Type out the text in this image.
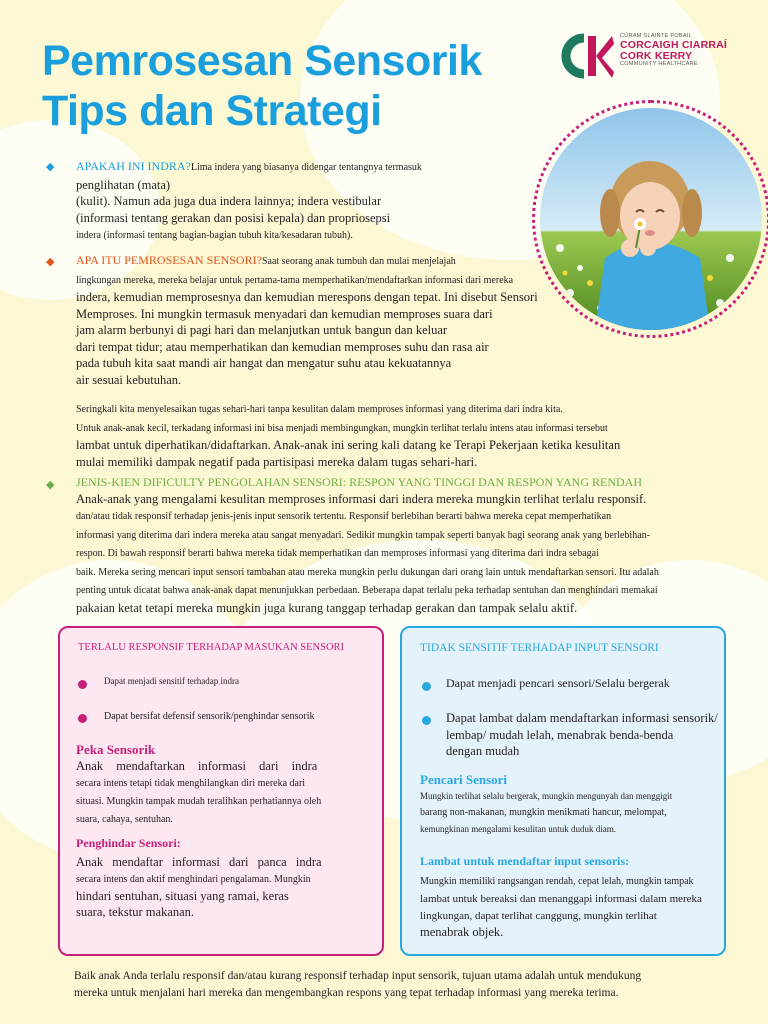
Pemrosesan Sensorik
Tips dan Strategi
CÚRAM SLÁINTE POBAIL
CORCAIGH CIARRAÍ
CORK KERRY
COMMUNITY HEALTHCARE
◆ APAKAH INI INDRA?Lima indera yang biasanya didengar tentangnya termasuk
penglihatan (mata)
(kulit). Namun ada juga dua indera lainnya; indera vestibular
(informasi tentang gerakan dan posisi kepala) dan propriosepsi
indera (informasi tentang bagian-bagian tubuh kita/kesadaran tubuh).
◆ APA ITU PEMROSESAN SENSORI?Saat seorang anak tumbuh dan mulai menjelajah
lingkungan mereka, mereka belajar untuk pertama-tama memperhatikan/mendaftarkan informasi dari mereka
indera, kemudian memprosesnya dan kemudian merespons dengan tepat. Ini disebut Sensori
Memproses. Ini mungkin termasuk menyadari dan kemudian memproses suara dari
jam alarm berbunyi di pagi hari dan melanjutkan untuk bangun dan keluar
dari tempat tidur; atau memperhatikan dan kemudian memproses suhu dan rasa air
pada tubuh kita saat mandi air hangat dan mengatur suhu atau kekuatannya
air sesuai kebutuhan.
Seringkali kita menyelesaikan tugas sehari-hari tanpa kesulitan dalam memproses informasi yang diterima dari indra kita.
Untuk anak-anak kecil, terkadang informasi ini bisa menjadi membingungkan, mungkin terlihat terlalu intens atau informasi tersebut
lambat untuk diperhatikan/didaftarkan. Anak-anak ini sering kali datang ke Terapi Pekerjaan ketika kesulitan
mulai memiliki dampak negatif pada partisipasi mereka dalam tugas sehari-hari.
◆ JENIS-KIEN DIFICULTY PENGOLAHAN SENSORI: RESPON YANG TINGGI DAN RESPON YANG RENDAH
Anak-anak yang mengalami kesulitan memproses informasi dari indera mereka mungkin terlihat terlalu responsif.
dan/atau tidak responsif terhadap jenis-jenis input sensorik tertentu. Responsif berlebihan berarti bahwa mereka cepat memperhatikan
informasi yang diterima dari indera mereka atau sangat menyadari. Sedikit mungkin tampak seperti banyak bagi seorang anak yang berlebihan-
respon. Di bawah responsif berarti bahwa mereka tidak memperhatikan dan memproses informasi yang diterima dari indra sebagai
baik. Mereka sering mencari input sensori tambahan atau mereka mungkin perlu dukungan dari orang lain untuk mendaftarkan sensori. Itu adalah
penting untuk dicatat bahwa anak-anak dapat menunjukkan perbedaan. Beberapa dapat terlalu peka terhadap sentuhan dan menghindari memakai
pakaian ketat tetapi mereka mungkin juga kurang tanggap terhadap gerakan dan tampak selalu aktif.
TERLALU RESPONSIF TERHADAP MASUKAN SENSORI

Dapat menjadi sensitif terhadap indra

Dapat bersifat defensif sensorik/penghindar sensorik

Peka Sensorik

Anak mendaftarkan informasi dari indra
secara intens tetapi tidak menghilangkan diri mereka dari
situasi. Mungkin tampak mudah teralihkan perhatiannya oleh
suara, cahaya, sentuhan.

Penghindar Sensori:

Anak mendaftar informasi dari panca indra
secara intens dan aktif menghindari pengalaman. Mungkin
hindari sentuhan, situasi yang ramai, keras
suara, tekstur makanan.

TIDAK SENSITIF TERHADAP INPUT SENSORI

Dapat menjadi pencari sensori/Selalu bergerak

Dapat lambat dalam mendaftarkan informasi sensorik/
lembap/ mudah lelah, menabrak benda-benda
dengan mudah

Pencari Sensori

Mungkin terlihat selalu bergerak, mungkin mengunyah dan menggigit
barang non-makanan, mungkin menikmati hancur, melompat,
kemungkinan mengalami kesulitan untuk duduk diam.

Lambat untuk mendaftar input sensoris:

Mungkin memiliki rangsangan rendah, cepat lelah, mungkin tampak
lambat untuk bereaksi dan menanggapi informasi dalam mereka
lingkungan, dapat terlihat canggung, mungkin terlihat
menabrak objek.

Baik anak Anda terlalu responsif dan/atau kurang responsif terhadap input sensorik, tujuan utama adalah untuk mendukung
mereka untuk menjalani hari mereka dan mengembangkan respons yang tepat terhadap informasi yang mereka terima.
